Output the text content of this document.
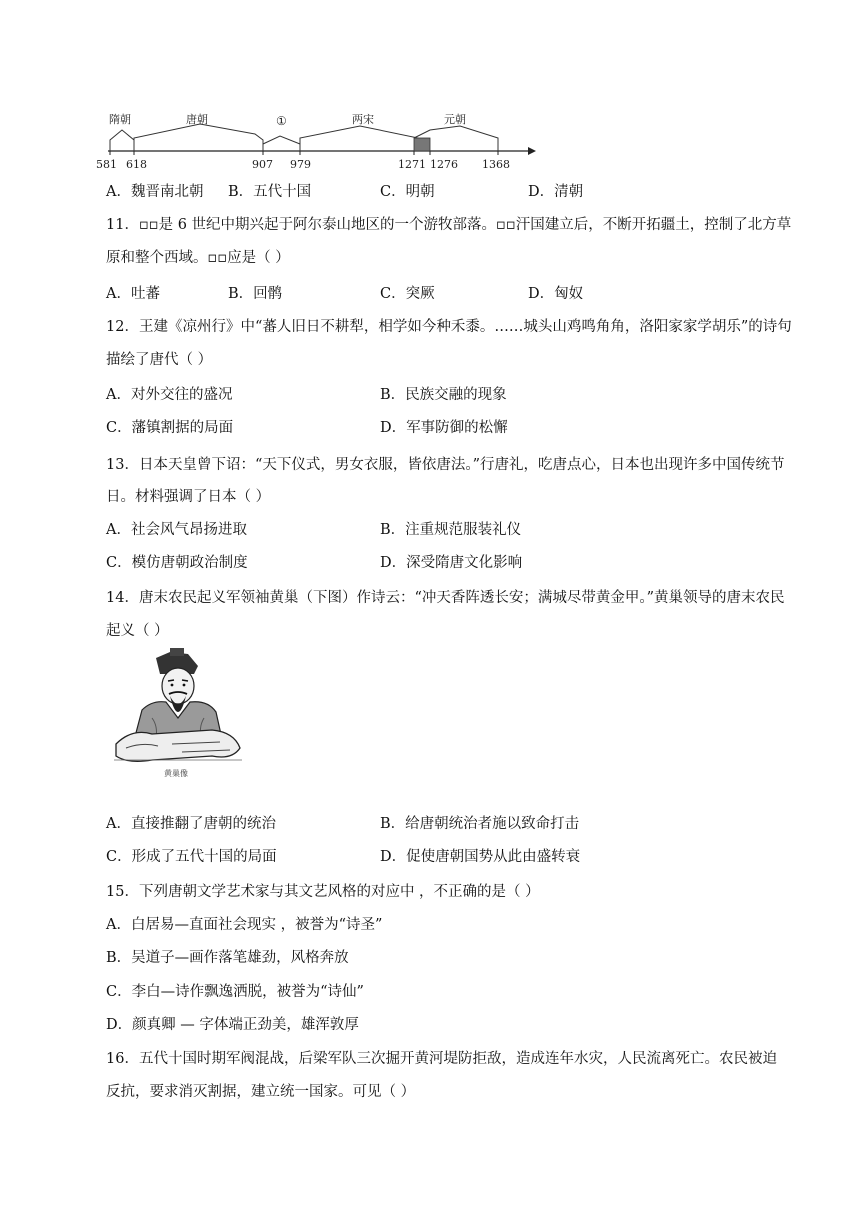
隋朝	唐朝	①	两宋	元朝
581 618	907 979	1271 1276 1368
A．魏晋南北朝 B．五代十国	C．明朝	D．清朝
11．▫▫是 6 世纪中期兴起于阿尔泰山地区的一个游牧部落。▫▫汗国建立后，不断开拓疆土，控制了北方草
原和整个西域。▫▫应是（ ）
A．吐蕃	B．回鹘	C．突厥	D．匈奴
12．王建《凉州行》中“蕃人旧日不耕犁，相学如今种禾黍。……城头山鸡鸣角角，洛阳家家学胡乐”的诗句
描绘了唐代（ ）
A．对外交往的盛况	B．民族交融的现象
C．藩镇割据的局面	D．军事防御的松懈
13．日本天皇曾下诏：“天下仪式，男女衣服，皆依唐法。”行唐礼，吃唐点心，日本也出现许多中国传统节
日。材料强调了日本（ ）
A．社会风气昂扬进取	B．注重规范服装礼仪
C．模仿唐朝政治制度	D．深受隋唐文化影响
14．唐末农民起义军领袖黄巢（下图）作诗云：“冲天香阵透长安；满城尽带黄金甲。”黄巢领导的唐末农民
起义（ ）
黄巢像
A．直接推翻了唐朝的统治	B．给唐朝统治者施以致命打击
C．形成了五代十国的局面	D．促使唐朝国势从此由盛转衰
15．下列唐朝文学艺术家与其文艺风格的对应中 ，不正确的是（ ）
A．白居易—直面社会现实 ，被誉为“诗圣”
B．吴道子—画作落笔雄劲，风格奔放
C．李白—诗作飘逸洒脱，被誉为“诗仙”
D．颜真卿 — 字体端正劲美，雄浑敦厚
16．五代十国时期军阀混战，后梁军队三次掘开黄河堤防拒敌，造成连年水灾，人民流离死亡。农民被迫
反抗，要求消灭割据，建立统一国家。可见（ ）
